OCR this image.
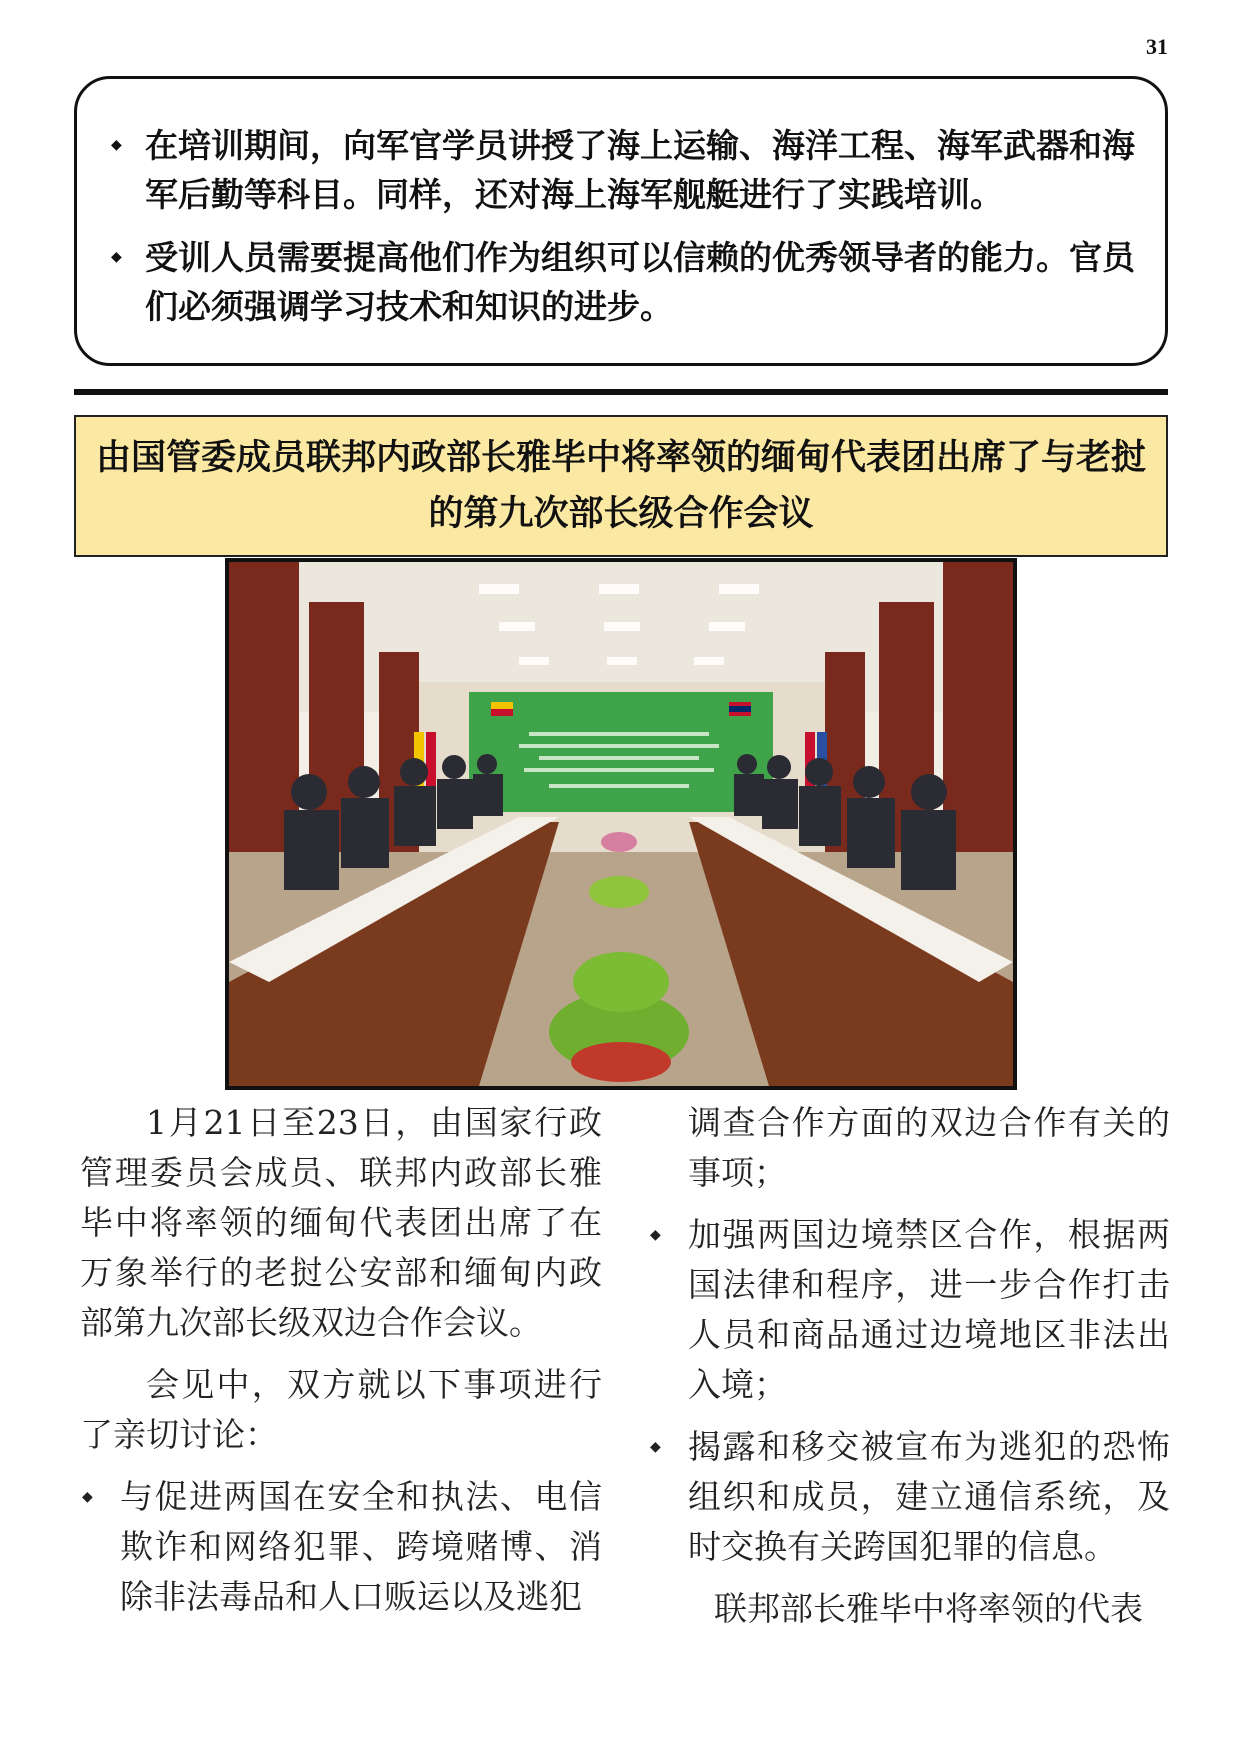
31
◆ 在培训期间，向军官学员讲授了海上运输、海洋工程、海军武器和海军后勤等科目。同样，还对海上海军舰艇进行了实践培训。
◆ 受训人员需要提高他们作为组织可以信赖的优秀领导者的能力。官员们必须强调学习技术和知识的进步。
由国管委成员联邦内政部长雅毕中将率领的缅甸代表团出席了与老挝的第九次部长级合作会议

1月21日至23日，由国家行政管理委员会成员、联邦内政部长雅毕中将率领的缅甸代表团出席了在万象举行的老挝公安部和缅甸内政部第九次部长级双边合作会议。

会见中，双方就以下事项进行了亲切讨论：

◆ 与促进两国在安全和执法、电信欺诈和网络犯罪、跨境赌博、消除非法毒品和人口贩运以及逃犯

调查合作方面的双边合作有关的事项；

◆ 加强两国边境禁区合作，根据两国法律和程序，进一步合作打击人员和商品通过边境地区非法出入境；
◆ 揭露和移交被宣布为逃犯的恐怖组织和成员，建立通信系统，及时交换有关跨国犯罪的信息。

联邦部长雅毕中将率领的代表
